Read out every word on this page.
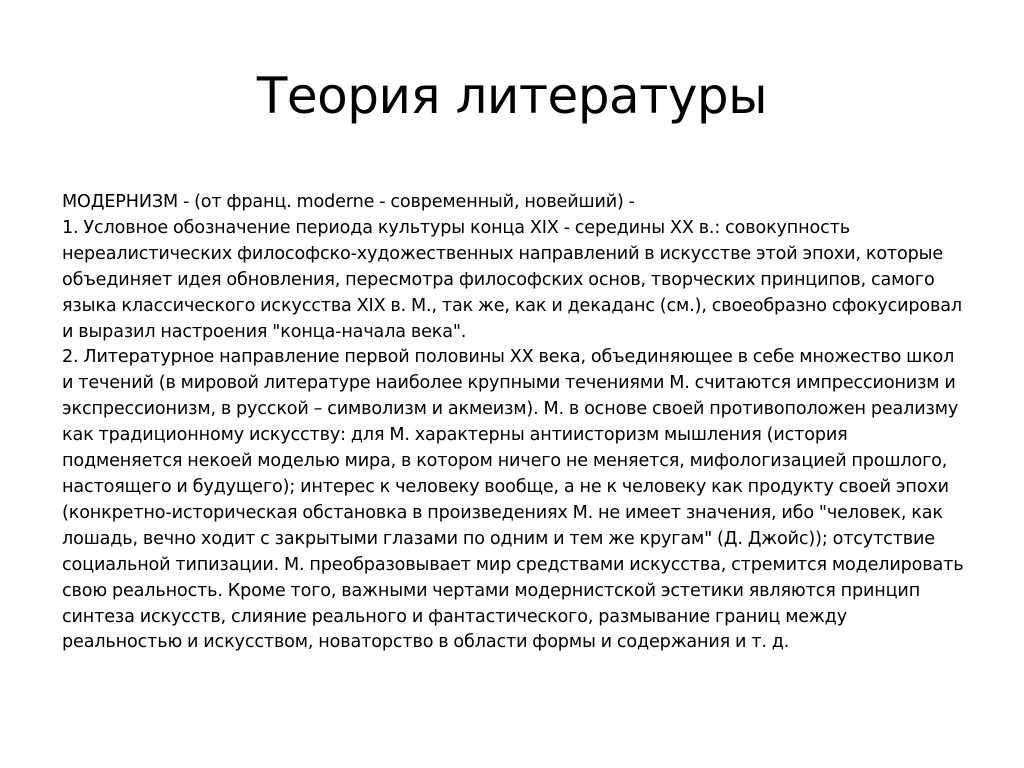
Теория литературы

МОДЕРНИЗМ - (от франц. moderne - современный, новейший) -

1. Условное обозначение периода культуры конца XIX - середины XX в.: совокупность нереалистических философско-художественных направлений в искусстве этой эпохи, которые объединяет идея обновления, пересмотра философских основ, творческих принципов, самого языка классического искусства XIX в. М., так же, как и декаданс (см.), своеобразно сфокусировал и выразил настроения "конца-начала века".

2. Литературное направление первой половины XX века, объединяющее в себе множество школ и течений (в мировой литературе наиболее крупными течениями М. считаются импрессионизм и экспрессионизм, в русской – символизм и акмеизм). М. в основе своей противоположен реализму как традиционному искусству: для М. характерны антиисторизм мышления (история подменяется некоей моделью мира, в котором ничего не меняется, мифологизацией прошлого, настоящего и будущего); интерес к человеку вообще, а не к человеку как продукту своей эпохи (конкретно-историческая обстановка в произведениях М. не имеет значения, ибо "человек, как лошадь, вечно ходит с закрытыми глазами по одним и тем же кругам" (Д. Джойс)); отсутствие социальной типизации. М. преобразовывает мир средствами искусства, стремится моделировать свою реальность. Кроме того, важными чертами модернистской эстетики являются принцип синтеза искусств, слияние реального и фантастического, размывание границ между реальностью и искусством, новаторство в области формы и содержания и т. д.
